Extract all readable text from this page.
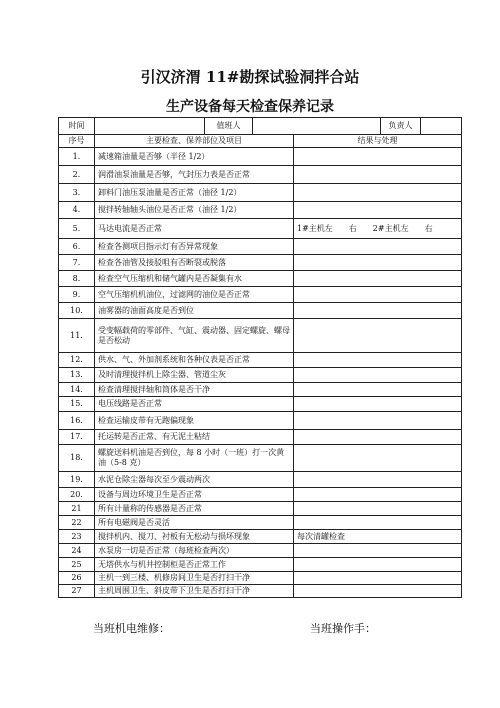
引汉济渭 11#勘探试验洞拌合站
生产设备每天检查保养记录
时间		值班人		负责人	
序号	主要检查、保养部位及项目	结果与处理
1.	减速箱油量是否够（半径 1/2）	
2.	润滑油泵油量是否够，气封压力表是否正常	
3.	卸料门油压泵油量是否正常（油径 1/2）	
4.	搅拌转轴轴头油位是否正常（油径 1/2）	
5.	马达电流是否正常	1#主机左　　右　　2#主机左　　右
6.	检查各测项目指示灯有否异常现象	
7.	检查各油管及接驳咀有否断裂或脱落	
8.	检查空气压缩机和储气罐内是否凝集有水	
9.	空气压缩机机油位，过滤网的油位是否正常	
10.	油雾器的油面高度是否到位	
11.	受变幅载荷的零部件、气缸、震动器、固定螺旋、螺母是否松动	
12.	供水、气、外加剂系统和各种仪表是否正常	
13.	及时清理搅拌机上除尘器、管道尘灰	
14.	检查清理搅拌轴和筒体是否干净	
15.	电压线路是否正常	
16.	检查运输皮带有无跑偏现象	
17.	托运转是否正常、有无泥土粘结	
18.	螺旋送料机油是否到位，每 8 小时（一班）打一次黄油（5-8 克）	
19.	水泥仓除尘器每次至少震动两次	
20.	设备与周边环境卫生是否正常	
21	所有计量称的传感器是否正常	
22	所有电磁阀是否灵活	
23	搅拌机内、搅刀、衬板有无松动与损坏现象	每次清罐检查
24	水泵房一切是否正常（每班检查两次）	
25	无塔供水与机井控制柜是否正常工作	
26	主机一到三楼、机修房间卫生是否打扫干净	
27	主机周围卫生、斜皮带下卫生是否打扫干净	
当班机电维修：	当班操作手：
